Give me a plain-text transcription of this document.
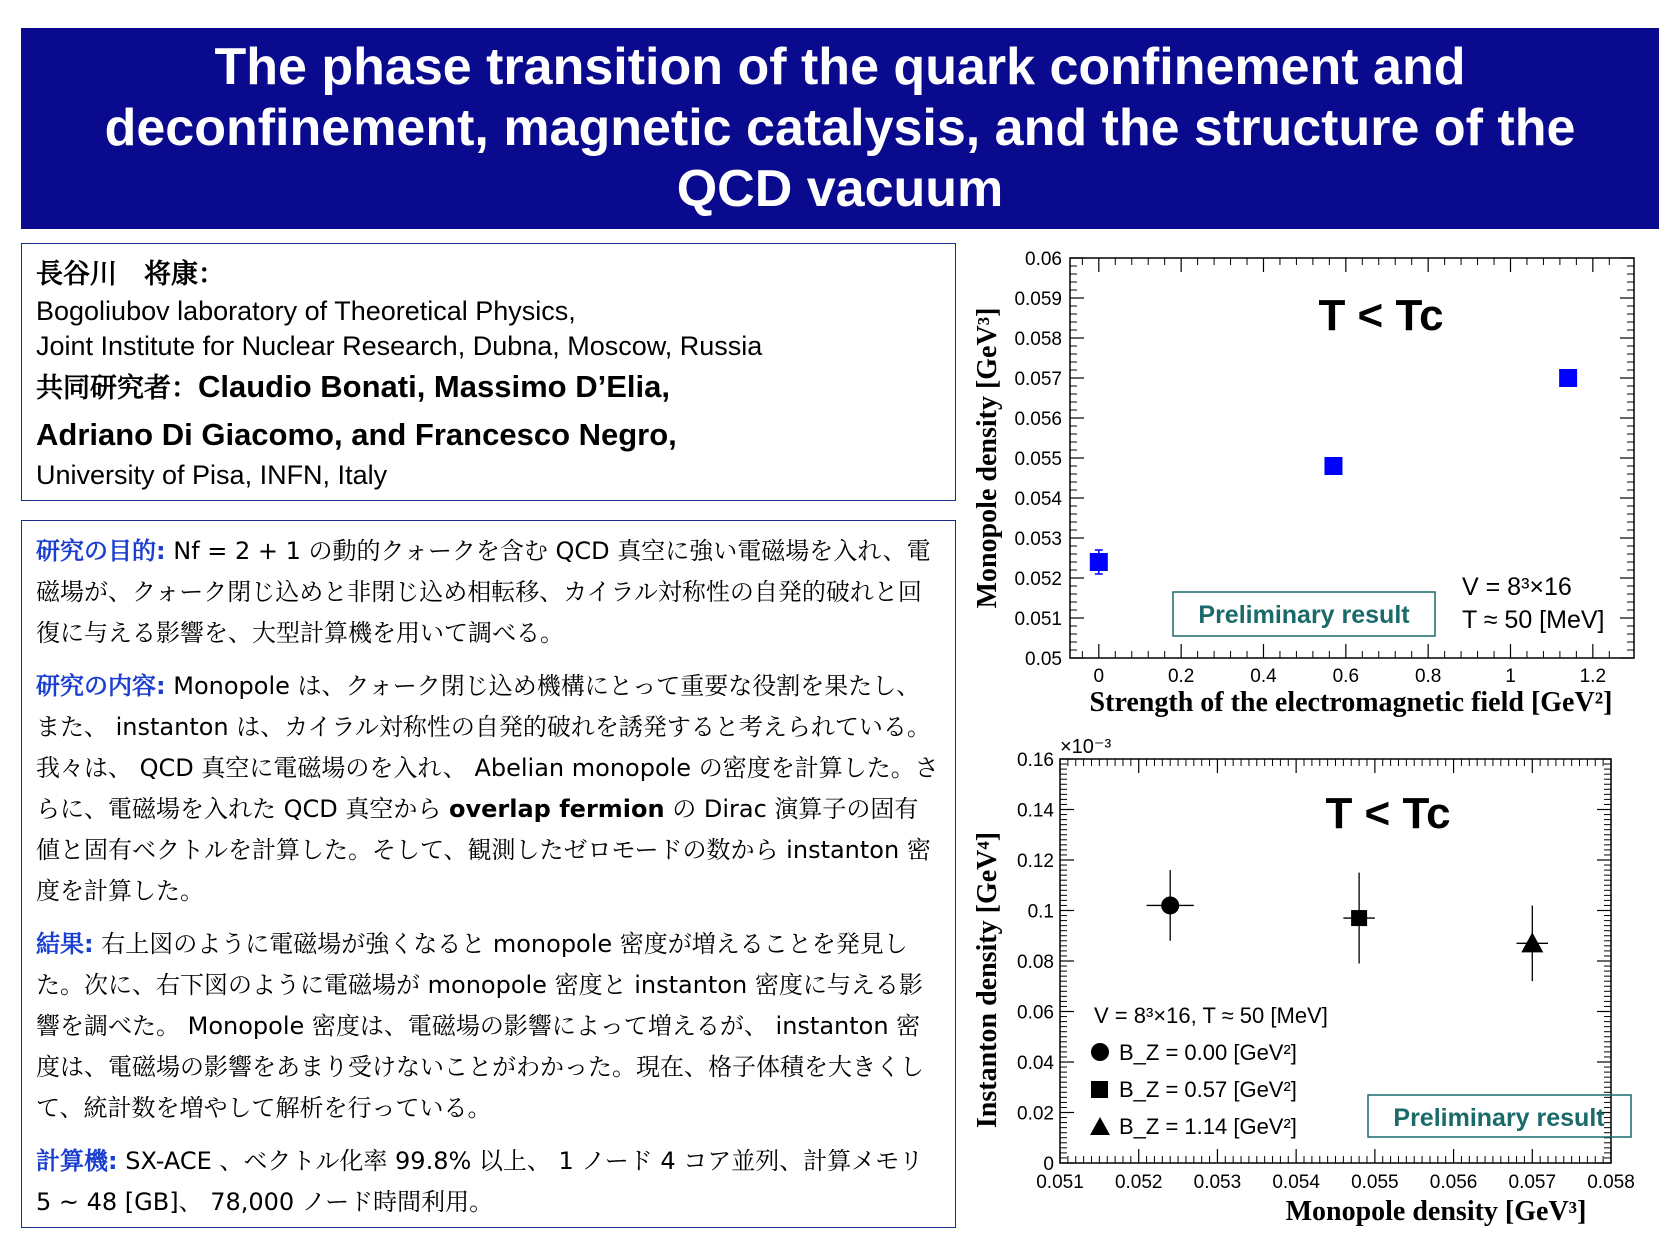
The phase transition of the quark confinement and deconfinement, magnetic catalysis, and the structure of the QCD vacuum
長谷川　将康：
Bogoliubov laboratory of Theoretical Physics,
Joint Institute for Nuclear Research, Dubna, Moscow, Russia
共同研究者：Claudio Bonati, Massimo D’Elia,
Adriano Di Giacomo, and Francesco Negro,
University of Pisa, INFN, Italy

研究の目的: Nf = 2 + 1 の動的クォークを含む QCD 真空に強い電磁場を入れ、電磁場が、クォーク閉じ込めと非閉じ込め相転移、カイラル対称性の自発的破れと回復に与える影響を、大型計算機を用いて調べる。

研究の内容: Monopole は、クォーク閉じ込め機構にとって重要な役割を果たし、また、 instanton は、カイラル対称性の自発的破れを誘発すると考えられている。我々は、 QCD 真空に電磁場のを入れ、 Abelian monopole の密度を計算した。さらに、電磁場を入れた QCD 真空から overlap fermion の Dirac 演算子の固有値と固有ベクトルを計算した。そして、観測したゼロモードの数から instanton 密度を計算した。

結果: 右上図のように電磁場が強くなると monopole 密度が増えることを発見した。次に、右下図のように電磁場が monopole 密度と instanton 密度に与える影響を調べた。 Monopole 密度は、電磁場の影響によって増えるが、 instanton 密度は、電磁場の影響をあまり受けないことがわかった。現在、格子体積を大きくして、統計数を増やして解析を行っている。

計算機: SX-ACE 、ベクトル化率 99.8% 以上、 1 ノード 4 コア並列、計算メモリ 5 ~ 48 [GB]、 78,000 ノード時間利用。

0.05
0.051
0.052
0.053
0.054
0.055
0.056
0.057
0.058
0.059
0.06
0	0.2	0.4	0.6	0.8	1	1.2
T < Tc
Preliminary result
V = 8³×16
T ≈ 50 [MeV]
Strength of the electromagnetic field [GeV²]
Monopole density [GeV³]
0
0.02
0.04
0.06
0.08
0.1
0.12
0.14
0.16
0.051 0.052 0.053 0.054 0.055 0.056 0.057 0.058
×10⁻³
T < Tc
V = 8³×16, T ≈ 50 [MeV]
B_Z = 0.00 [GeV²]
B_Z = 0.57 [GeV²]
B_Z = 1.14 [GeV²]	Preliminary result
Monopole density [GeV³]
Instanton density [GeV⁴]
